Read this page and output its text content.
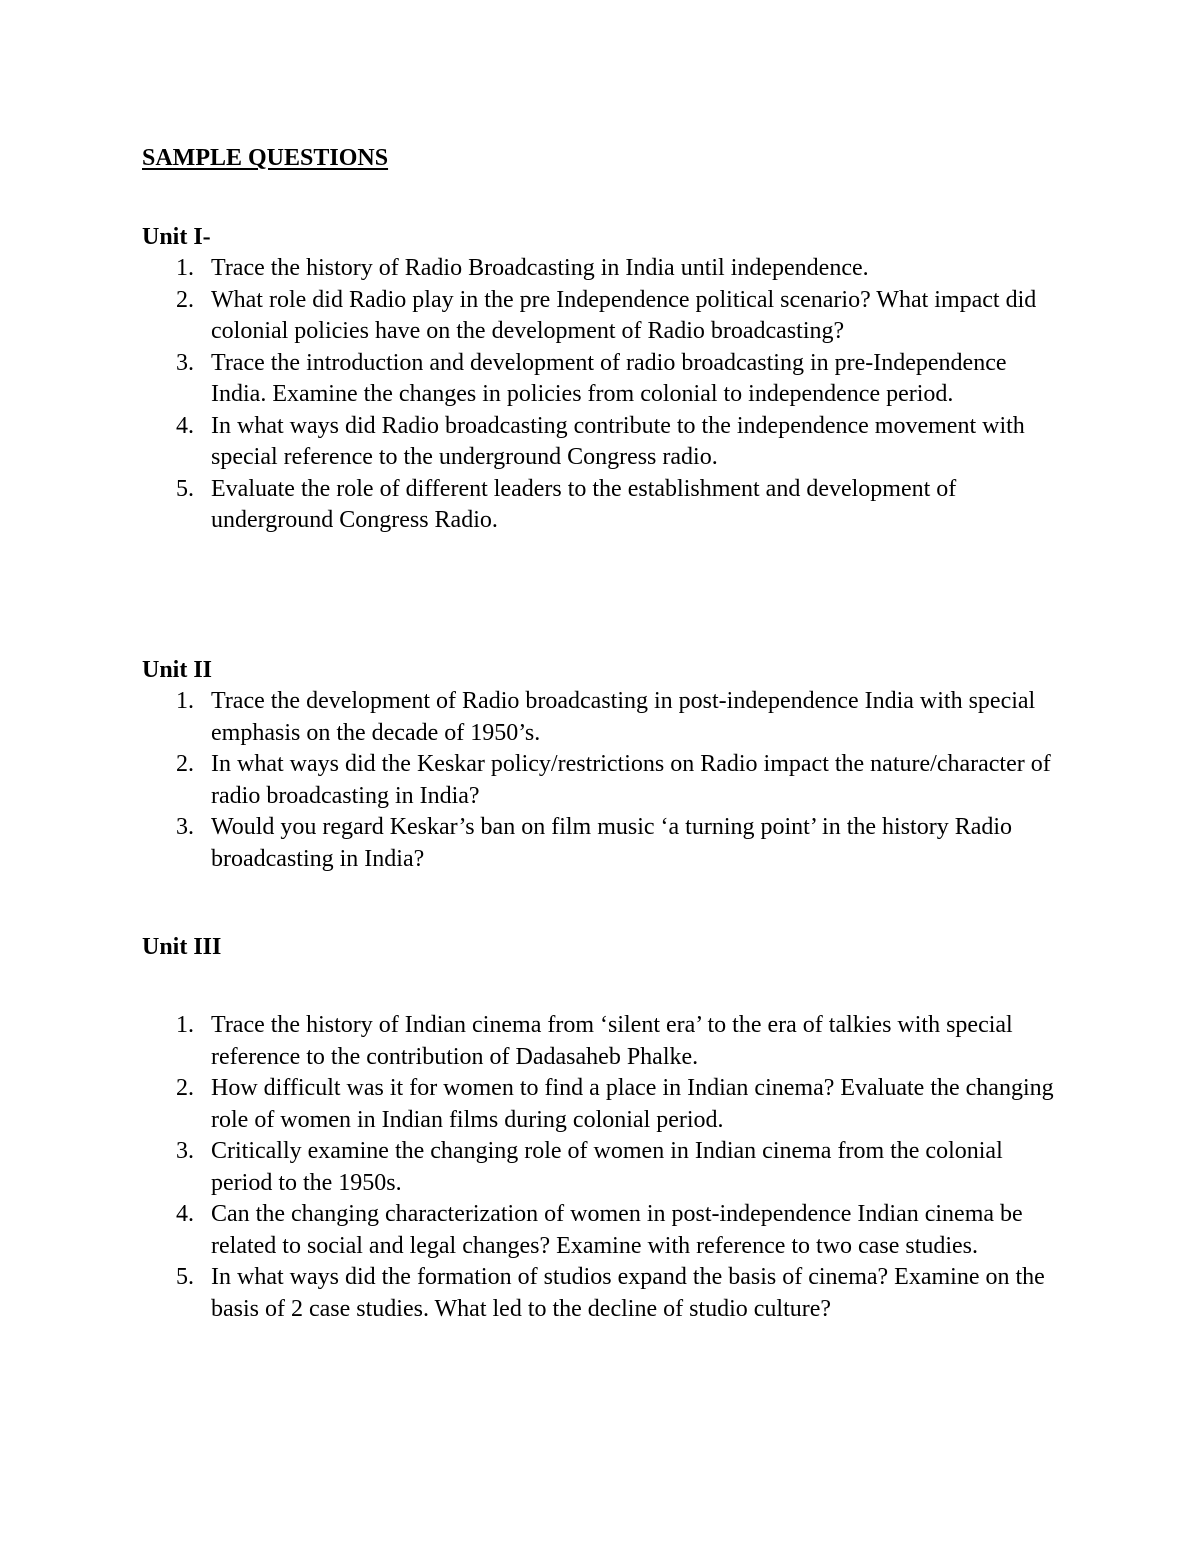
SAMPLE QUESTIONS
Unit I-
1. Trace the history of Radio Broadcasting in India until independence.
2. What role did Radio play in the pre Independence political scenario? What impact did colonial policies have on the development of Radio broadcasting?
3. Trace the introduction and development of radio broadcasting in pre-Independence India. Examine the changes in policies from colonial to independence period.
4. In what ways did Radio broadcasting contribute to the independence movement with special reference to the underground Congress radio.
5. Evaluate the role of different leaders to the establishment and development of underground Congress Radio.
Unit II
1. Trace the development of Radio broadcasting in post-independence India with special emphasis on the decade of 1950’s.
2. In what ways did the Keskar policy/restrictions on Radio impact the nature/character of radio broadcasting in India?
3. Would you regard Keskar’s ban on film music ‘a turning point’ in the history Radio broadcasting in India?
Unit III
1. Trace the history of Indian cinema from ‘silent era’ to the era of talkies with special reference to the contribution of Dadasaheb Phalke.
2. How difficult was it for women to find a place in Indian cinema? Evaluate the changing role of women in Indian films during colonial period.
3. Critically examine the changing role of women in Indian cinema from the colonial period to the 1950s.
4. Can the changing characterization of women in post-independence Indian cinema be related to social and legal changes? Examine with reference to two case studies.
5. In what ways did the formation of studios expand the basis of cinema? Examine on the basis of 2 case studies. What led to the decline of studio culture?
